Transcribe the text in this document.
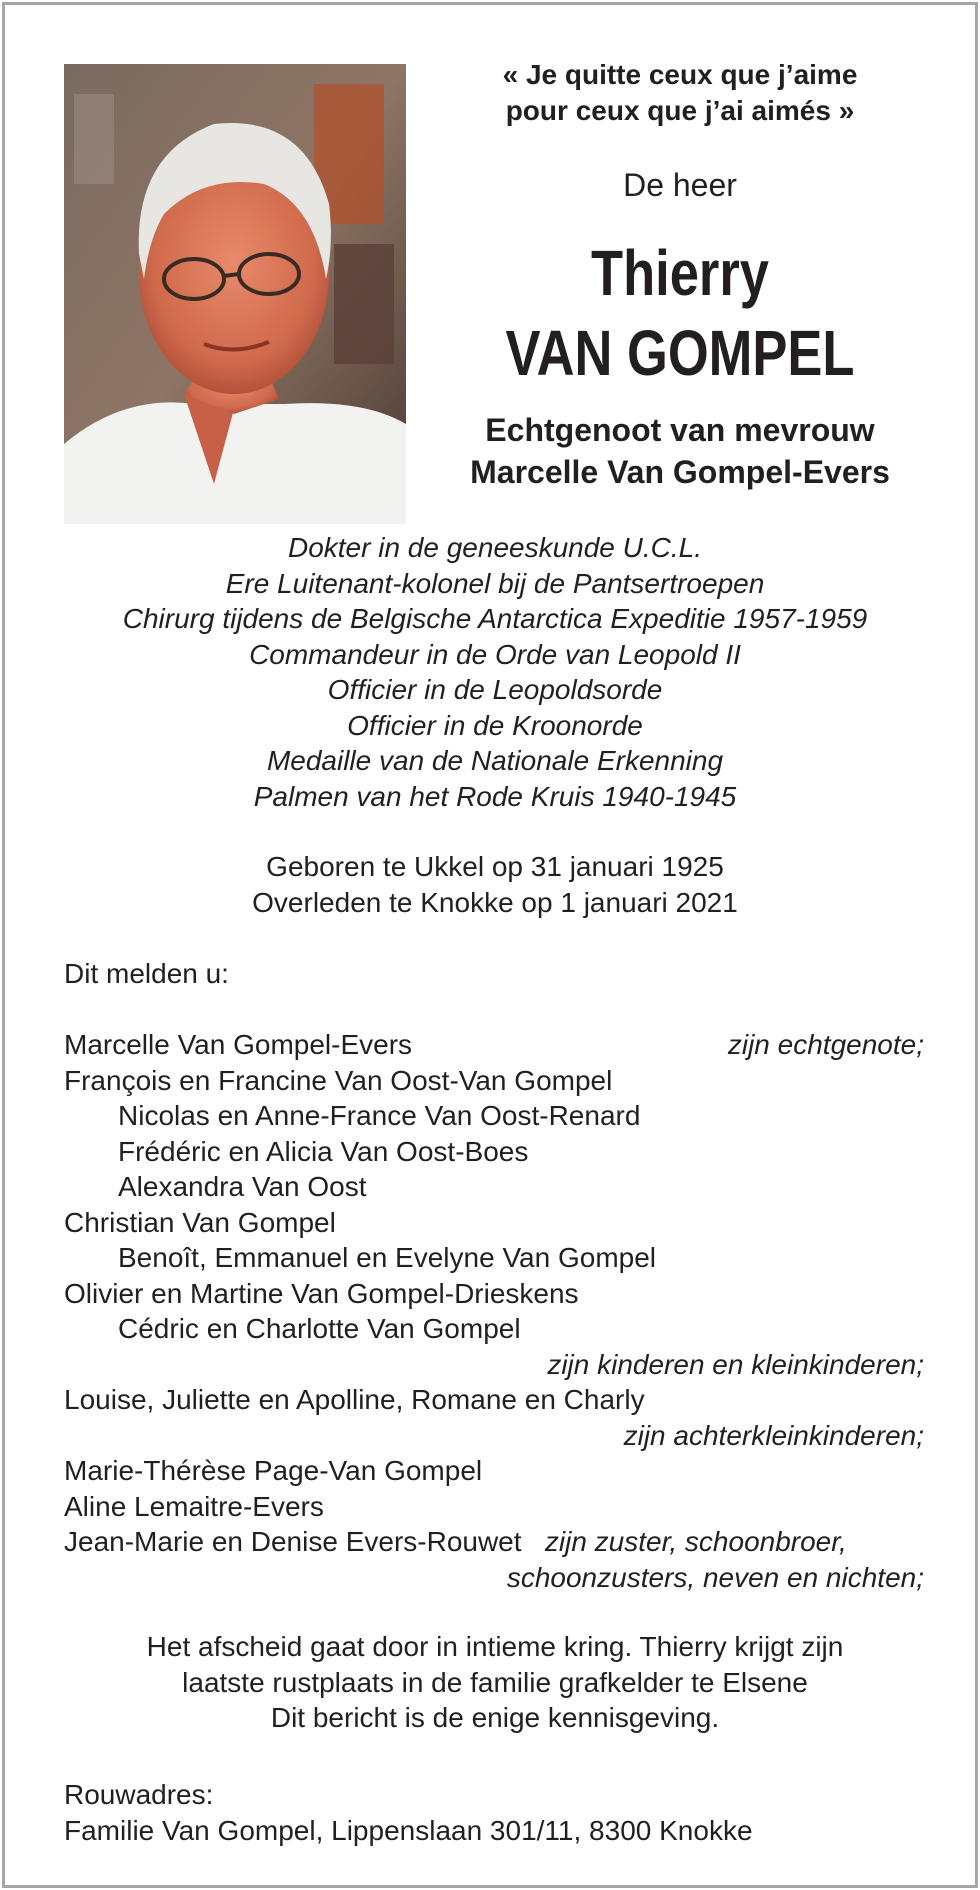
« Je quitte ceux que j’aime
pour ceux que j’ai aimés »
De heer
Thierry
VAN GOMPEL
Echtgenoot van mevrouw
Marcelle Van Gompel-Evers
Dokter in de geneeskunde U.C.L.
Ere Luitenant-kolonel bij de Pantsertroepen
Chirurg tijdens de Belgische Antarctica Expeditie 1957-1959
Commandeur in de Orde van Leopold II
Officier in de Leopoldsorde
Officier in de Kroonorde
Medaille van de Nationale Erkenning
Palmen van het Rode Kruis 1940-1945
Geboren te Ukkel op 31 januari 1925
Overleden te Knokke op 1 januari 2021
Dit melden u:
Marcelle Van Gompel-Evers	zijn echtgenote;
François en Francine Van Oost-Van Gompel
Nicolas en Anne-France Van Oost-Renard
Frédéric en Alicia Van Oost-Boes
Alexandra Van Oost
Christian Van Gompel
Benoît, Emmanuel en Evelyne Van Gompel
Olivier en Martine Van Gompel-Drieskens
Cédric en Charlotte Van Gompel
zijn kinderen en kleinkinderen;
Louise, Juliette en Apolline, Romane en Charly
zijn achterkleinkinderen;
Marie-Thérèse Page-Van Gompel
Aline Lemaitre-Evers
Jean-Marie en Denise Evers-Rouwet   zijn zuster, schoonbroer,
schoonzusters, neven en nichten;
Het afscheid gaat door in intieme kring. Thierry krijgt zijn
laatste rustplaats in de familie grafkelder te Elsene
Dit bericht is de enige kennisgeving.
Rouwadres:
Familie Van Gompel, Lippenslaan 301/11, 8300 Knokke
